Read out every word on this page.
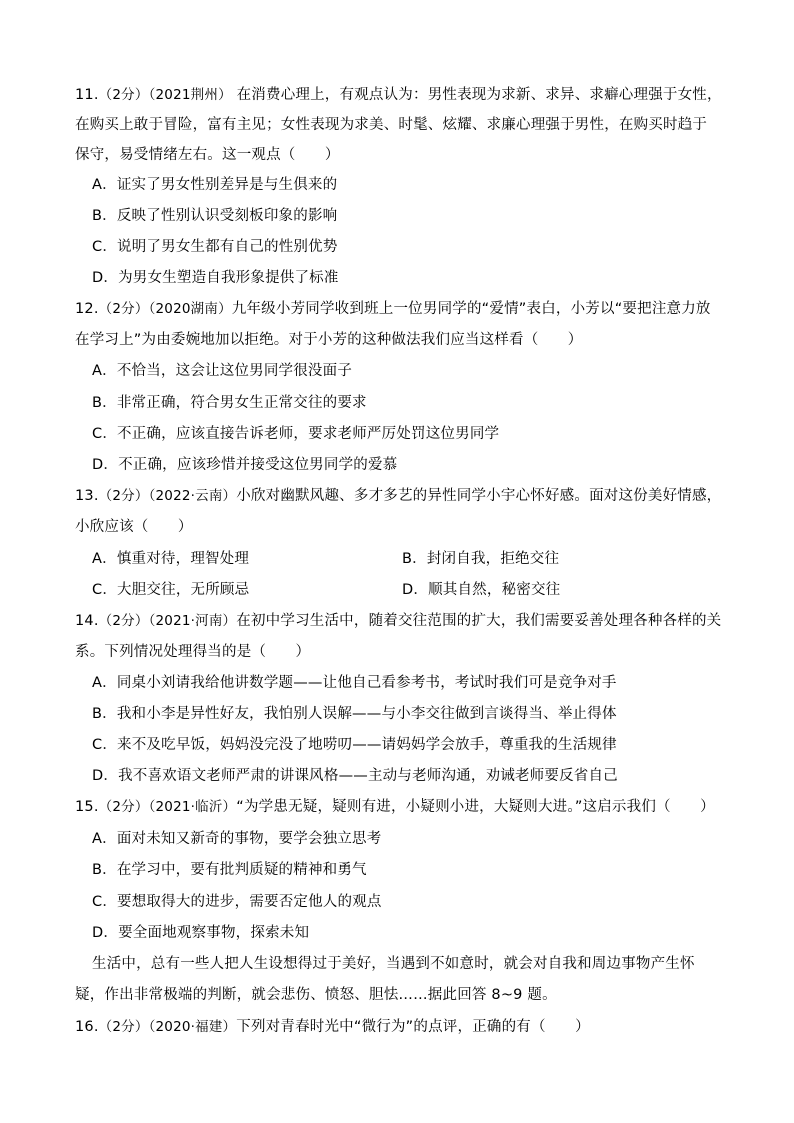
11.（2分）（2021荆州） 在消费心理上，有观点认为：男性表现为求新、求异、求癖心理强于女性，
在购买上敢于冒险，富有主见；女性表现为求美、时髦、炫耀、求廉心理强于男性，在购买时趋于
保守，易受情绪左右。这一观点（　　）
A．证实了男女性别差异是与生俱来的
B．反映了性别认识受刻板印象的影响
C．说明了男女生都有自己的性别优势
D．为男女生塑造自我形象提供了标准
12.（2分）（2020湖南）九年级小芳同学收到班上一位男同学的“爱情”表白，小芳以“要把注意力放
在学习上”为由委婉地加以拒绝。对于小芳的这种做法我们应当这样看（　　）
A．不恰当，这会让这位男同学很没面子
B．非常正确，符合男女生正常交往的要求
C．不正确，应该直接告诉老师，要求老师严厉处罚这位男同学
D．不正确，应该珍惜并接受这位男同学的爱慕
13.（2分）（2022·云南）小欣对幽默风趣、多才多艺的异性同学小宇心怀好感。面对这份美好情感，
小欣应该（　　）
A．慎重对待，理智处理	B．封闭自我，拒绝交往
C．大胆交往，无所顾忌	D．顺其自然，秘密交往
14.（2分）（2021·河南）在初中学习生活中，随着交往范围的扩大，我们需要妥善处理各种各样的关
系。下列情况处理得当的是（　　）
A．同桌小刘请我给他讲数学题——让他自己看参考书，考试时我们可是竞争对手
B．我和小李是异性好友，我怕别人误解——与小李交往做到言谈得当、举止得体
C．来不及吃早饭，妈妈没完没了地唠叨——请妈妈学会放手，尊重我的生活规律
D．我不喜欢语文老师严肃的讲课风格——主动与老师沟通，劝诫老师要反省自己
15.（2分）（2021·临沂）“为学患无疑，疑则有进，小疑则小进，大疑则大进。”这启示我们（　　）
A．面对未知又新奇的事物，要学会独立思考
B．在学习中，要有批判质疑的精神和勇气
C．要想取得大的进步，需要否定他人的观点
D．要全面地观察事物，探索未知
生活中，总有一些人把人生设想得过于美好，当遇到不如意时，就会对自我和周边事物产生怀
疑，作出非常极端的判断，就会悲伤、愤怒、胆怯……据此回答 8~9 题。
16.（2分）（2020·福建）下列对青春时光中“微行为”的点评，正确的有（　　）
